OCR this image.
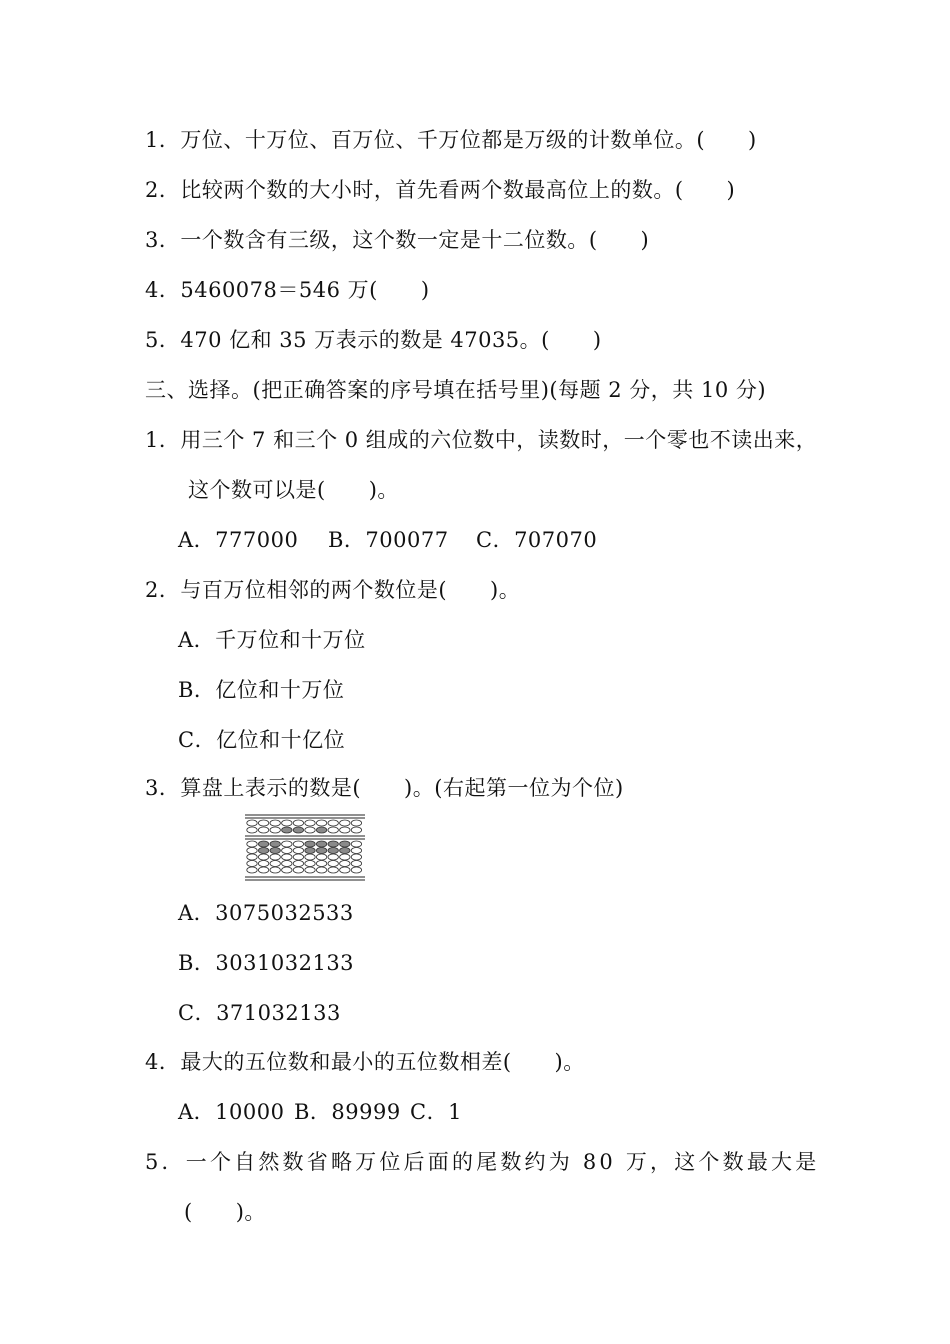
1．万位、十万位、百万位、千万位都是万级的计数单位。(　　)
2．比较两个数的大小时，首先看两个数最高位上的数。(　　)
3．一个数含有三级，这个数一定是十二位数。(　　)
4．5460078＝546 万(　　)
5．470 亿和 35 万表示的数是 47035。(　　)
三、选择。(把正确答案的序号填在括号里)(每题 2 分，共 10 分)
1．用三个 7 和三个 0 组成的六位数中，读数时，一个零也不读出来，
这个数可以是(　　)。
A．777000 B．700077 C．707070
2．与百万位相邻的两个数位是(　　)。
A．千万位和十万位
B．亿位和十万位
C．亿位和十亿位
3．算盘上表示的数是(　　)。(右起第一位为个位)
A．3075032533
B．3031032133
C．371032133
4．最大的五位数和最小的五位数相差(　　)。
A．10000 B．89999 C．1
5．一个自然数省略万位后面的尾数约为 80 万，这个数最大是
(　　)。
